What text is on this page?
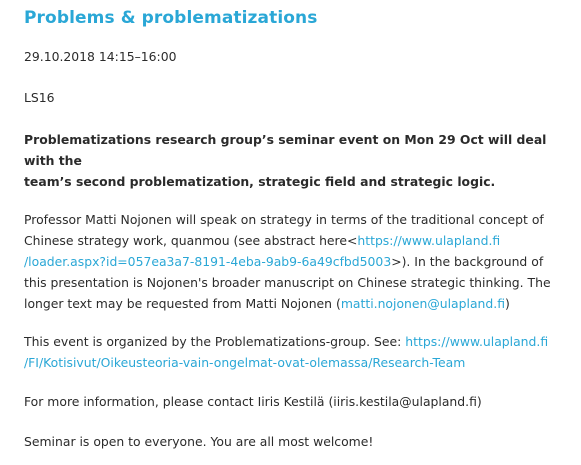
Problems & problematizations

29.10.2018 14:15–16:00

LS16

Problematizations research group’s seminar event on Mon 29 Oct will deal with the

team’s second problematization, strategic field and strategic logic.

Professor Matti Nojonen will speak on strategy in terms of the traditional concept of

Chinese strategy work, quanmou (see abstract here<https://www.ulapland.fi

/loader.aspx?id=057ea3a7-8191-4eba-9ab9-6a49cfbd5003>). In the background of

this presentation is Nojonen's broader manuscript on Chinese strategic thinking. The

longer text may be requested from Matti Nojonen (matti.nojonen@ulapland.fi)

This event is organized by the Problematizations-group. See: https://www.ulapland.fi

/FI/Kotisivut/Oikeusteoria-vain-ongelmat-ovat-olemassa/Research-Team

For more information, please contact Iiris Kestilä (iiris.kestila@ulapland.fi)

Seminar is open to everyone. You are all most welcome!
